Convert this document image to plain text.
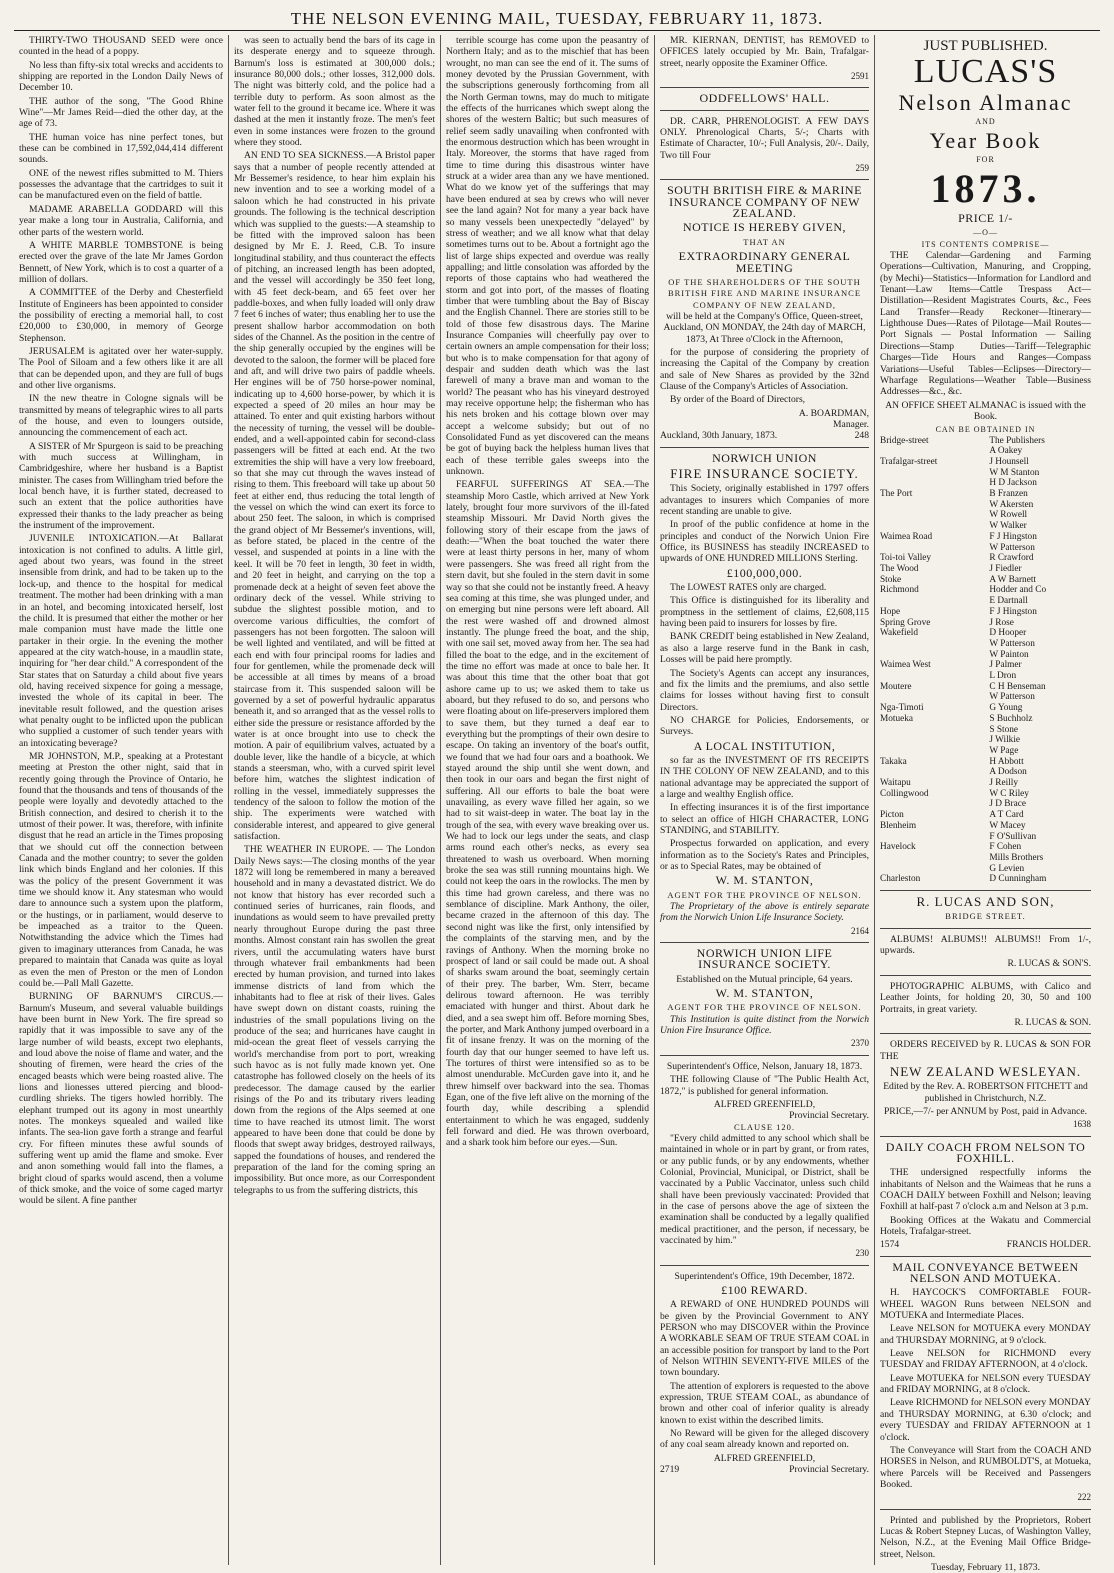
THE NELSON EVENING MAIL, TUESDAY, FEBRUARY 11, 1873.

THIRTY-TWO THOUSAND SEED were once counted in the head of a poppy.

No less than fifty-six total wrecks and accidents to shipping are reported in the London Daily News of December 10.

THE author of the song, "The Good Rhine Wine"—Mr James Reid—died the other day, at the age of 73.

THE human voice has nine perfect tones, but these can be combined in 17,592,044,414 different sounds.

ONE of the newest rifles submitted to M. Thiers possesses the advantage that the cartridges to suit it can be manufactured even on the field of battle.

MADAME ARABELLA GODDARD will this year make a long tour in Australia, California, and other parts of the western world.

A WHITE MARBLE TOMBSTONE is being erected over the grave of the late Mr James Gordon Bennett, of New York, which is to cost a quarter of a million of dollars.

A COMMITTEE of the Derby and Chesterfield Institute of Engineers has been appointed to consider the possibility of erecting a memorial hall, to cost £20,000 to £30,000, in memory of George Stephenson.

JERUSALEM is agitated over her water-supply. The Pool of Siloam and a few others like it are all that can be depended upon, and they are full of bugs and other live organisms.

IN the new theatre in Cologne signals will be transmitted by means of telegraphic wires to all parts of the house, and even to loungers outside, announcing the commencement of each act.

A SISTER of Mr Spurgeon is said to be preaching with much success at Willingham, in Cambridgeshire, where her husband is a Baptist minister. The cases from Willingham tried before the local bench have, it is further stated, decreased to such an extent that the police authorities have expressed their thanks to the lady preacher as being the instrument of the improvement.

JUVENILE INTOXICATION.—At Ballarat intoxication is not confined to adults. A little girl, aged about two years, was found in the street insensible from drink, and had to be taken up to the lock-up, and thence to the hospital for medical treatment. The mother had been drinking with a man in an hotel, and becoming intoxicated herself, lost the child. It is presumed that either the mother or her male companion must have made the little one partaker in their orgie. In the evening the mother appeared at the city watch-house, in a maudlin state, inquiring for "her dear child." A correspondent of the Star states that on Saturday a child about five years old, having received sixpence for going a message, invested the whole of its capital in beer. The inevitable result followed, and the question arises what penalty ought to be inflicted upon the publican who supplied a customer of such tender years with an intoxicating beverage?

MR JOHNSTON, M.P., speaking at a Protestant meeting at Preston the other night, said that in recently going through the Province of Ontario, he found that the thousands and tens of thousands of the people were loyally and devotedly attached to the British connection, and desired to cherish it to the utmost of their power. It was, therefore, with infinite disgust that he read an article in the Times proposing that we should cut off the connection between Canada and the mother country; to sever the golden link which binds England and her colonies. If this was the policy of the present Government it was time we should know it. Any statesman who would dare to announce such a system upon the platform, or the hustings, or in parliament, would deserve to be impeached as a traitor to the Queen. Notwithstanding the advice which the Times had given to imaginary utterances from Canada, he was prepared to maintain that Canada was quite as loyal as even the men of Preston or the men of London could be.—Pall Mall Gazette.

BURNING OF BARNUM'S CIRCUS.—Barnum's Museum, and several valuable buildings have been burnt in New York. The fire spread so rapidly that it was impossible to save any of the large number of wild beasts, except two elephants, and loud above the noise of flame and water, and the shouting of firemen, were heard the cries of the encaged beasts which were being roasted alive. The lions and lionesses uttered piercing and blood-curdling shrieks. The tigers howled horribly. The elephant trumped out its agony in most unearthly notes. The monkeys squealed and wailed like infants. The sea-lion gave forth a strange and fearful cry. For fifteen minutes these awful sounds of suffering went up amid the flame and smoke. Ever and anon something would fall into the flames, a bright cloud of sparks would ascend, then a volume of thick smoke, and the voice of some caged martyr would be silent. A fine panther

was seen to actually bend the bars of its cage in its desperate energy and to squeeze through. Barnum's loss is estimated at 300,000 dols.; insurance 80,000 dols.; other losses, 312,000 dols. The night was bitterly cold, and the police had a terrible duty to perform. As soon almost as the water fell to the ground it became ice. Where it was dashed at the men it instantly froze. The men's feet even in some instances were frozen to the ground where they stood.

AN END TO SEA SICKNESS.—A Bristol paper says that a number of people recently attended at Mr Bessemer's residence, to hear him explain his new invention and to see a working model of a saloon which he had constructed in his private grounds. The following is the technical description which was supplied to the guests:—A steamship to be fitted with the improved saloon has been designed by Mr E. J. Reed, C.B. To insure longitudinal stability, and thus counteract the effects of pitching, an increased length has been adopted, and the vessel will accordingly be 350 feet long, with 45 feet deck-beam, and 65 feet over her paddle-boxes, and when fully loaded will only draw 7 feet 6 inches of water; thus enabling her to use the present shallow harbor accommodation on both sides of the Channel. As the position in the centre of the ship generally occupied by the engines will be devoted to the saloon, the former will be placed fore and aft, and will drive two pairs of paddle wheels. Her engines will be of 750 horse-power nominal, indicating up to 4,600 horse-power, by which it is expected a speed of 20 miles an hour may be attained. To enter and quit existing harbors without the necessity of turning, the vessel will be double-ended, and a well-appointed cabin for second-class passengers will be fitted at each end. At the two extremities the ship will have a very low freeboard, so that she may cut through the waves instead of rising to them. This freeboard will take up about 50 feet at either end, thus reducing the total length of the vessel on which the wind can exert its force to about 250 feet. The saloon, in which is comprised the grand object of Mr Bessemer's inventions, will, as before stated, be placed in the centre of the vessel, and suspended at points in a line with the keel. It will be 70 feet in length, 30 feet in width, and 20 feet in height, and carrying on the top a promenade deck at a height of seven feet above the ordinary deck of the vessel. While striving to subdue the slightest possible motion, and to overcome various difficulties, the comfort of passengers has not been forgotten. The saloon will be well lighted and ventilated, and will be fitted at each end with four principal rooms for ladies and four for gentlemen, while the promenade deck will be accessible at all times by means of a broad staircase from it. This suspended saloon will be governed by a set of powerful hydraulic apparatus beneath it, and so arranged that as the vessel rolls to either side the pressure or resistance afforded by the water is at once brought into use to check the motion. A pair of equilibrium valves, actuated by a double lever, like the handle of a bicycle, at which stands a steersman, who, with a curved spirit level before him, watches the slightest indication of rolling in the vessel, immediately suppresses the tendency of the saloon to follow the motion of the ship. The experiments were watched with considerable interest, and appeared to give general satisfaction.

THE WEATHER IN EUROPE. — The London Daily News says:—The closing months of the year 1872 will long be remembered in many a bereaved household and in many a devastated district. We do not know that history has ever recorded such a continued series of hurricanes, rain floods, and inundations as would seem to have prevailed pretty nearly throughout Europe during the past three months. Almost constant rain has swollen the great rivers, until the accumulating waters have burst through whatever frail embankments had been erected by human provision, and turned into lakes immense districts of land from which the inhabitants had to flee at risk of their lives. Gales have swept down on distant coasts, ruining the industries of the small populations living on the produce of the sea; and hurricanes have caught in mid-ocean the great fleet of vessels carrying the world's merchandise from port to port, wreaking such havoc as is not fully made known yet. One catastrophe has followed closely on the heels of its predecessor. The damage caused by the earlier risings of the Po and its tributary rivers leading down from the regions of the Alps seemed at one time to have reached its utmost limit. The worst appeared to have been done that could be done by floods that swept away bridges, destroyed railways, sapped the foundations of houses, and rendered the preparation of the land for the coming spring an impossibility. But once more, as our Correspondent telegraphs to us from the suffering districts, this

terrible scourge has come upon the peasantry of Northern Italy; and as to the mischief that has been wrought, no man can see the end of it. The sums of money devoted by the Prussian Government, with the subscriptions generously forthcoming from all the North German towns, may do much to mitigate the effects of the hurricanes which swept along the shores of the western Baltic; but such measures of relief seem sadly unavailing when confronted with the enormous destruction which has been wrought in Italy. Moreover, the storms that have raged from time to time during this disastrous winter have struck at a wider area than any we have mentioned. What do we know yet of the sufferings that may have been endured at sea by crews who will never see the land again? Not for many a year back have so many vessels been unexpectedly "delayed" by stress of weather; and we all know what that delay sometimes turns out to be. About a fortnight ago the list of large ships expected and overdue was really appalling; and little consolation was afforded by the reports of those captains who had weathered the storm and got into port, of the masses of floating timber that were tumbling about the Bay of Biscay and the English Channel. There are stories still to be told of those few disastrous days. The Marine Insurance Companies will cheerfully pay over to certain owners an ample compensation for their loss; but who is to make compensation for that agony of despair and sudden death which was the last farewell of many a brave man and woman to the world? The peasant who has his vineyard destroyed may receive opportune help; the fisherman who has his nets broken and his cottage blown over may accept a welcome subsidy; but out of no Consolidated Fund as yet discovered can the means be got of buying back the helpless human lives that each of these terrible gales sweeps into the unknown.

FEARFUL SUFFERINGS AT SEA.—The steamship Moro Castle, which arrived at New York lately, brought four more survivors of the ill-fated steamship Missouri. Mr David North gives the following story of their escape from the jaws of death:—"When the boat touched the water there were at least thirty persons in her, many of whom were passengers. She was freed all right from the stern davit, but she fouled in the stern davit in some way so that she could not be instantly freed. A heavy sea coming at this time, she was plunged under, and on emerging but nine persons were left aboard. All the rest were washed off and drowned almost instantly. The plunge freed the boat, and the ship, with one sail set, moved away from her. The sea had filled the boat to the edge, and in the excitement of the time no effort was made at once to bale her. It was about this time that the other boat that got ashore came up to us; we asked them to take us aboard, but they refused to do so, and persons who were floating about on life-preservers implored them to save them, but they turned a deaf ear to everything but the promptings of their own desire to escape. On taking an inventory of the boat's outfit, we found that we had four oars and a boathook. We stayed around the ship until she went down, and then took in our oars and began the first night of suffering. All our efforts to bale the boat were unavailing, as every wave filled her again, so we had to sit waist-deep in water. The boat lay in the trough of the sea, with every wave breaking over us. We had to lock our legs under the seats, and clasp arms round each other's necks, as every sea threatened to wash us overboard. When morning broke the sea was still running mountains high. We could not keep the oars in the rowlocks. The men by this time had grown careless, and there was no semblance of discipline. Mark Anthony, the oiler, became crazed in the afternoon of this day. The second night was like the first, only intensified by the complaints of the starving men, and by the ravings of Anthony. When the morning broke no prospect of land or sail could be made out. A shoal of sharks swam around the boat, seemingly certain of their prey. The barber, Wm. Sterr, became delirous toward afternoon. He was terribly emaciated with hunger and thirst. About dark he died, and a sea swept him off. Before morning Sbes, the porter, and Mark Anthony jumped overboard in a fit of insane frenzy. It was on the morning of the fourth day that our hunger seemed to have left us. The tortures of thirst were intensified so as to be almost unendurable. McCurden gave into it, and he threw himself over backward into the sea. Thomas Egan, one of the five left alive on the morning of the fourth day, while describing a splendid entertainment to which he was engaged, suddenly fell forward and died. He was thrown overboard, and a shark took him before our eyes.—Sun.

MR. KIERNAN, DENTIST, has REMOVED to OFFICES lately occupied by Mr. Bain, Trafalgar-street, nearly opposite the Examiner Office.

2591
ODDFELLOWS' HALL.

DR. CARR, PHRENOLOGIST. A FEW DAYS ONLY. Phrenological Charts, 5/-; Charts with Estimate of Character, 10/-; Full Analysis, 20/-. Daily, Two till Four

259
SOUTH BRITISH FIRE & MARINE INSURANCE COMPANY OF NEW ZEALAND.
NOTICE IS HEREBY GIVEN,
THAT AN
EXTRAORDINARY GENERAL MEETING
OF THE SHAREHOLDERS OF THE SOUTH BRITISH FIRE AND MARINE INSURANCE COMPANY OF NEW ZEALAND,

will be held at the Company's Office, Queen-street, Auckland, ON MONDAY, the 24th day of MARCH, 1873, At Three o'Clock in the Afternoon,

for the purpose of considering the propriety of increasing the Capital of the Company by creation and sale of New Shares as provided by the 32nd Clause of the Company's Articles of Association.

By order of the Board of Directors,

A. BOARDMAN,
Manager.
Auckland, 30th January, 1873.	248
NORWICH UNION
FIRE INSURANCE SOCIETY.

This Society, originally established in 1797 offers advantages to insurers which Companies of more recent standing are unable to give.

In proof of the public confidence at home in the principles and conduct of the Norwich Union Fire Office, its BUSINESS has steadily INCREASED to upwards of ONE HUNDRED MILLIONS Sterling.

£100,000,000.

The LOWEST RATES only are charged.

This Office is distinguished for its liberality and promptness in the settlement of claims, £2,608,115 having been paid to insurers for losses by fire.

BANK CREDIT being established in New Zealand, as also a large reserve fund in the Bank in cash, Losses will be paid here promptly.

The Society's Agents can accept any insurances, and fix the limits and the premiums, and also settle claims for losses without having first to consult Directors.

NO CHARGE for Policies, Endorsements, or Surveys.

A LOCAL INSTITUTION,

so far as the INVESTMENT OF ITS RECEIPTS IN THE COLONY OF NEW ZEALAND, and to this national advantage may be appreciated the support of a large and wealthy English office.

In effecting insurances it is of the first importance to select an office of HIGH CHARACTER, LONG STANDING, and STABILITY.

Prospectus forwarded on application, and every information as to the Society's Rates and Principles, or as to Special Rates, may be obtained of

W. M. STANTON,
AGENT FOR THE PROVINCE OF NELSON.

The Proprietary of the above is entirely separate from the Norwich Union Life Insurance Society.

2164
NORWICH UNION LIFE INSURANCE SOCIETY.

Established on the Mutual principle, 64 years.

W. M. STANTON,
AGENT FOR THE PROVINCE OF NELSON.

This Institution is quite distinct from the Norwich Union Fire Insurance Office.

2370

Superintendent's Office, Nelson, January 18, 1873.

THE following Clause of "The Public Health Act, 1872," is published for general information.

ALFRED GREENFIELD,
Provincial Secretary.
CLAUSE 120.

"Every child admitted to any school which shall be maintained in whole or in part by grant, or from rates, or any public funds, or by any endowments, whether Colonial, Provincial, Municipal, or District, shall be vaccinated by a Public Vaccinator, unless such child shall have been previously vaccinated: Provided that in the case of persons above the age of sixteen the examination shall be conducted by a legally qualified medical practitioner, and the person, if necessary, be vaccinated by him."

230

Superintendent's Office, 19th December, 1872.

£100 REWARD.

A REWARD of ONE HUNDRED POUNDS will be given by the Provincial Government to ANY PERSON who may DISCOVER within the Province A WORKABLE SEAM OF TRUE STEAM COAL in an accessible position for transport by land to the Port of Nelson WITHIN SEVENTY-FIVE MILES of the town boundary.

The attention of explorers is requested to the above expression, TRUE STEAM COAL, as abundance of brown and other coal of inferior quality is already known to exist within the described limits.

No Reward will be given for the alleged discovery of any coal seam already known and reported on.

ALFRED GREENFIELD,
2719	Provincial Secretary.
JUST PUBLISHED.
LUCAS'S
Nelson Almanac
AND
Year Book
FOR
1873.
PRICE 1/-
—O—
ITS CONTENTS COMPRISE—

THE Calendar—Gardening and Farming Operations—Cultivation, Manuring, and Cropping, (by Mechi)—Statistics—Information for Landlord and Tenant—Law Items—Cattle Trespass Act—Distillation—Resident Magistrates Courts, &c., Fees Land Transfer—Ready Reckoner—Itinerary—Lighthouse Dues—Rates of Pilotage—Mail Routes—Port Signals — Postal Information — Sailing Directions—Stamp Duties—Tariff—Telegraphic Charges—Tide Hours and Ranges—Compass Variations—Useful Tables—Eclipses—Directory—Wharfage Regulations—Weather Table—Business Addresses—&c., &c.

AN OFFICE SHEET ALMANAC is issued with the Book.

CAN BE OBTAINED IN
Bridge-street	The Publishers
	A Oakey
Trafalgar-street	J Hounsell
	W M Stanton
	H D Jackson
The Port	B Franzen
	W Akersten
	W Rowell
	W Walker
Waimea Road	F J Hingston
	W Patterson
Toi-toi Valley	R Crawford
The Wood	J Fiedler
Stoke	A W Barnett
Richmond	Hodder and Co
	E Dartnall
Hope	F J Hingston
Spring Grove	J Rose
Wakefield	D Hooper
	W Patterson
	W Painton
Waimea West	J Palmer
	L Dron
Moutere	C H Benseman
	W Patterson
Nga-Timoti	G Young
Motueka	S Buchholz
	S Stone
	J Wilkie
	W Page
Takaka	H Abbott
	A Dodson
Waitapu	J Reilly
Collingwood	W C Riley
	J D Brace
Picton	A T Card
Blenheim	W Macey
	F O'Sullivan
Havelock	F Cohen
	Mills Brothers
	G Levien
Charleston	D Cunningham
R. LUCAS AND SON,
BRIDGE STREET.

ALBUMS! ALBUMS!! ALBUMS!! From 1/-, upwards.

R. LUCAS & SON'S.

PHOTOGRAPHIC ALBUMS, with Calico and Leather Joints, for holding 20, 30, 50 and 100 Portraits, in great variety.

R. LUCAS & SON.

ORDERS RECEIVED by R. LUCAS & SON FOR THE

NEW ZEALAND WESLEYAN.

Edited by the Rev. A. ROBERTSON FITCHETT and published in Christchurch, N.Z.

PRICE,—7/- per ANNUM by Post, paid in Advance.

1638
DAILY COACH FROM NELSON TO FOXHILL.

THE undersigned respectfully informs the inhabitants of Nelson and the Waimeas that he runs a COACH DAILY between Foxhill and Nelson; leaving Foxhill at half-past 7 o'clock a.m and Nelson at 3 p.m.

Booking Offices at the Wakatu and Commercial Hotels, Trafalgar-street.

1574	FRANCIS HOLDER.
MAIL CONVEYANCE BETWEEN NELSON AND MOTUEKA.

H. HAYCOCK'S COMFORTABLE FOUR-WHEEL WAGON Runs between NELSON and MOTUEKA and Intermediate Places.

Leave NELSON for MOTUEKA every MONDAY and THURSDAY MORNING, at 9 o'clock.

Leave NELSON for RICHMOND every TUESDAY and FRIDAY AFTERNOON, at 4 o'clock.

Leave MOTUEKA for NELSON every TUESDAY and FRIDAY MORNING, at 8 o'clock.

Leave RICHMOND for NELSON every MONDAY and THURSDAY MORNING, at 6.30 o'clock; and every TUESDAY and FRIDAY AFTERNOON at 1 o'clock.

The Conveyance will Start from the COACH AND HORSES in Nelson, and RUMBOLDT'S, at Motueka, where Parcels will be Received and Passengers Booked.

222

Printed and published by the Proprietors, Robert Lucas & Robert Stepney Lucas, of Washington Valley, Nelson, N.Z., at the Evening Mail Office Bridge-street, Nelson.

Tuesday, February 11, 1873.
